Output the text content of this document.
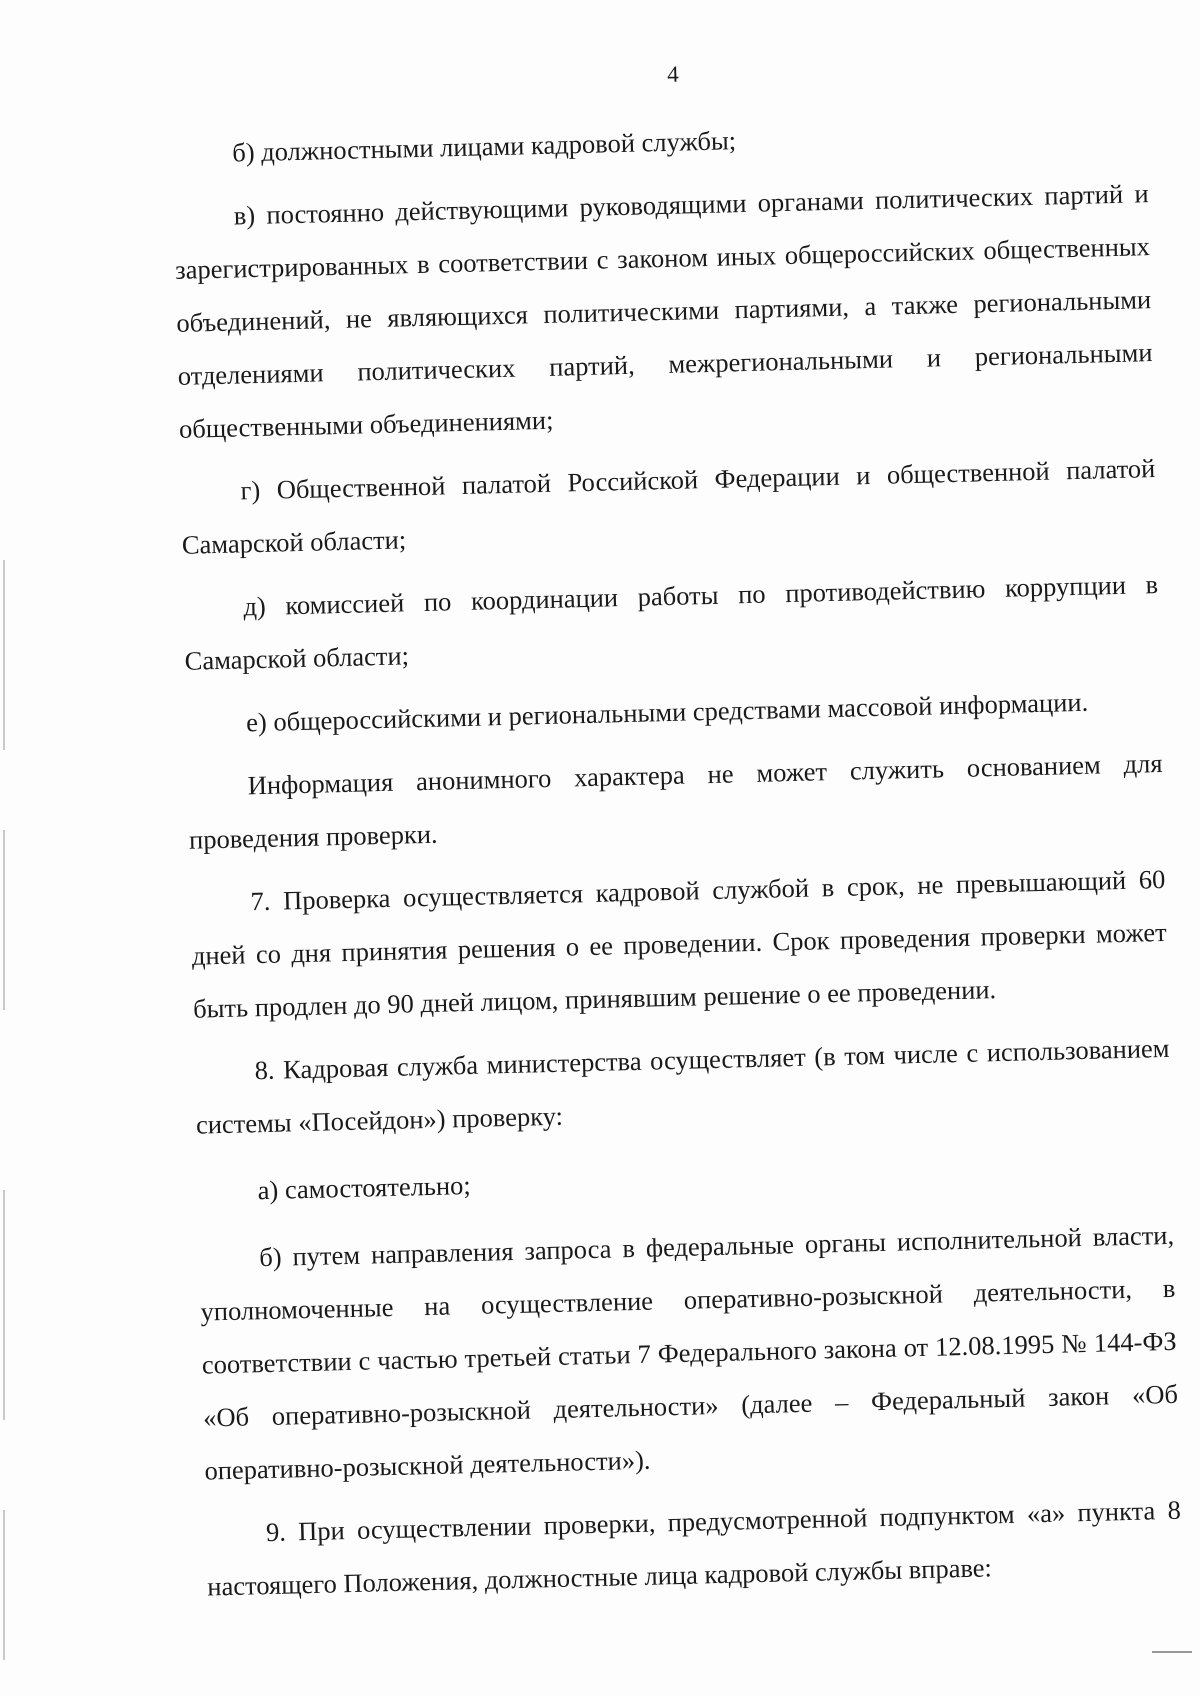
4

б) должностными лицами кадровой службы;

в) постоянно действующими руководящими органами политических партий и зарегистрированных в соответствии с законом иных общероссийских общественных объединений, не являющихся политическими партиями, а также региональными отделениями политических партий, межрегиональными и региональными общественными объединениями;

г) Общественной палатой Российской Федерации и общественной палатой Самарской области;

д) комиссией по координации работы по противодействию коррупции в Самарской области;

е) общероссийскими и региональными средствами массовой информации.

Информация анонимного характера не может служить основанием для проведения проверки.

7. Проверка осуществляется кадровой службой в срок, не превышающий 60 дней со дня принятия решения о ее проведении. Срок проведения проверки может быть продлен до 90 дней лицом, принявшим решение о ее проведении.

8. Кадровая служба министерства осуществляет (в том числе с использованием системы «Посейдон») проверку:

а) самостоятельно;

б) путем направления запроса в федеральные органы исполнительной власти, уполномоченные на осуществление оперативно-розыскной деятельности, в соответствии с частью третьей статьи 7 Федерального закона от 12.08.1995 № 144-ФЗ «Об оперативно-розыскной деятельности» (далее – Федеральный закон «Об оперативно-розыскной деятельности»).

9. При осуществлении проверки, предусмотренной подпунктом «а» пункта 8 настоящего Положения, должностные лица кадровой службы вправе:
